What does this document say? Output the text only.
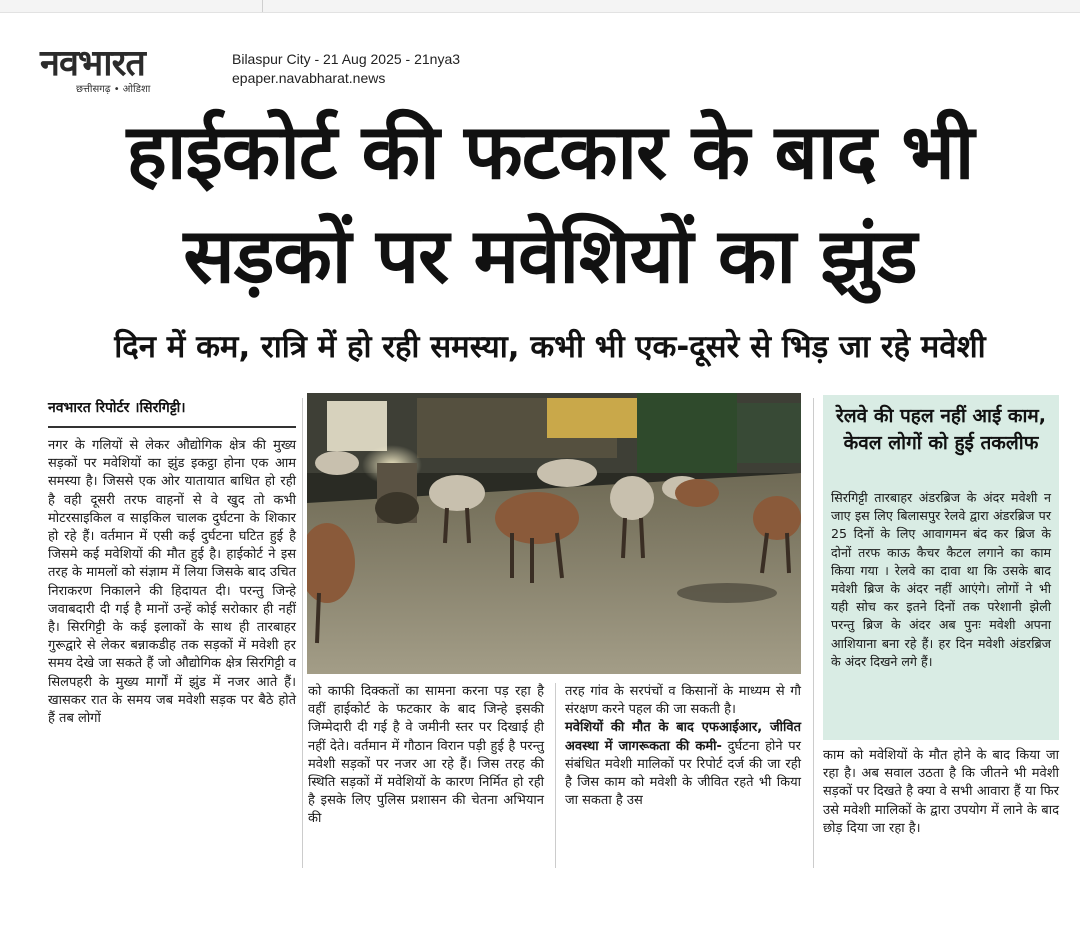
नवभारत
छत्तीसगढ़ • ओडिशा
Bilaspur City - 21 Aug 2025 - 21nya3
epaper.navabharat.news
हाईकोर्ट की फटकार के बाद भी
सड़कों पर मवेशियों का झुंड
दिन में कम, रात्रि में हो रही समस्या, कभी भी एक-दूसरे से भिड़ जा रहे मवेशी
नवभारत रिपोर्टर ।सिरगिट्टी।
नगर के गलियों से लेकर औद्योगिक क्षेत्र की मुख्य सड़कों पर मवेशियों का झुंड इकट्ठा होना एक आम समस्या है। जिससे एक ओर यातायात बाधित हो रही है वही दूसरी तरफ वाहनों से वे खुद तो कभी मोटरसाइकिल व साइकिल चालक दुर्घटना के शिकार हो रहे हैं। वर्तमान में एसी कई दुर्घटना घटित हुई है जिसमे कई मवेशियों की मौत हुई है। हाईकोर्ट ने इस तरह के मामलों को संज्ञाम में लिया जिसके बाद उचित निराकरण निकालने की हिदायत दी। परन्तु जिन्हे जवाबदारी दी गई है मानों उन्हें कोई सरोकार ही नहीं है। सिरगिट्टी के कई इलाकों के साथ ही तारबाहर गुरूद्वारे से लेकर बन्नाकडीह तक सड़कों में मवेशी हर समय देखे जा सकते हैं जो औद्योगिक क्षेत्र सिरगिट्टी व सिलपहरी के मुख्य मार्गों में झुंड में नजर आते हैं। खासकर रात के समय जब मवेशी सड़क पर बैठे होते हैं तब लोगों
को काफी दिक्कतों का सामना करना पड़ रहा है वहीं हाईकोर्ट के फटकार के बाद जिन्हे इसकी जिम्मेदारी दी गई है वे जमीनी स्तर पर दिखाई ही नहीं देते। वर्तमान में गौठान विरान पड़ी हुई है परन्तु मवेशी सड़कों पर नजर आ रहे हैं। जिस तरह की स्थिति सड़कों में मवेशियों के कारण निर्मित हो रही है इसके लिए पुलिस प्रशासन की चेतना अभियान की
तरह गांव के सरपंचों व किसानों के माध्यम से गौ संरक्षण करने पहल की जा सकती है।
मवेशियों की मौत के बाद एफआईआर, जीवित अवस्था में जागरूकता की कमी- दुर्घटना होने पर संबंधित मवेशी मालिकों पर रिपोर्ट दर्ज की जा रही है जिस काम को मवेशी के जीवित रहते भी किया जा सकता है उस
काम को मवेशियों के मौत होने के बाद किया जा रहा है। अब सवाल उठता है कि जीतने भी मवेशी सड़कों पर दिखते है क्या वे सभी आवारा हैं या फिर उसे मवेशी मालिकों के द्वारा उपयोग में लाने के बाद छोड़ दिया जा रहा है।
रेलवे की पहल नहीं आई काम, केवल लोगों को हुई तकलीफ
सिरगिट्टी तारबाहर अंडरब्रिज के अंदर मवेशी न जाए इस लिए बिलासपुर रेलवे द्वारा अंडरब्रिज पर 25 दिनों के लिए आवागमन बंद कर ब्रिज के दोनों तरफ काऊ कैचर कैटल लगाने का काम किया गया । रेलवे का दावा था कि उसके बाद मवेशी ब्रिज के अंदर नहीं आएंगे। लोगों ने भी यही सोच कर इतने दिनों तक परेशानी झेली परन्तु ब्रिज के अंदर अब पुनः मवेशी अपना आशियाना बना रहे हैं। हर दिन मवेशी अंडरब्रिज के अंदर दिखने लगे हैं।
